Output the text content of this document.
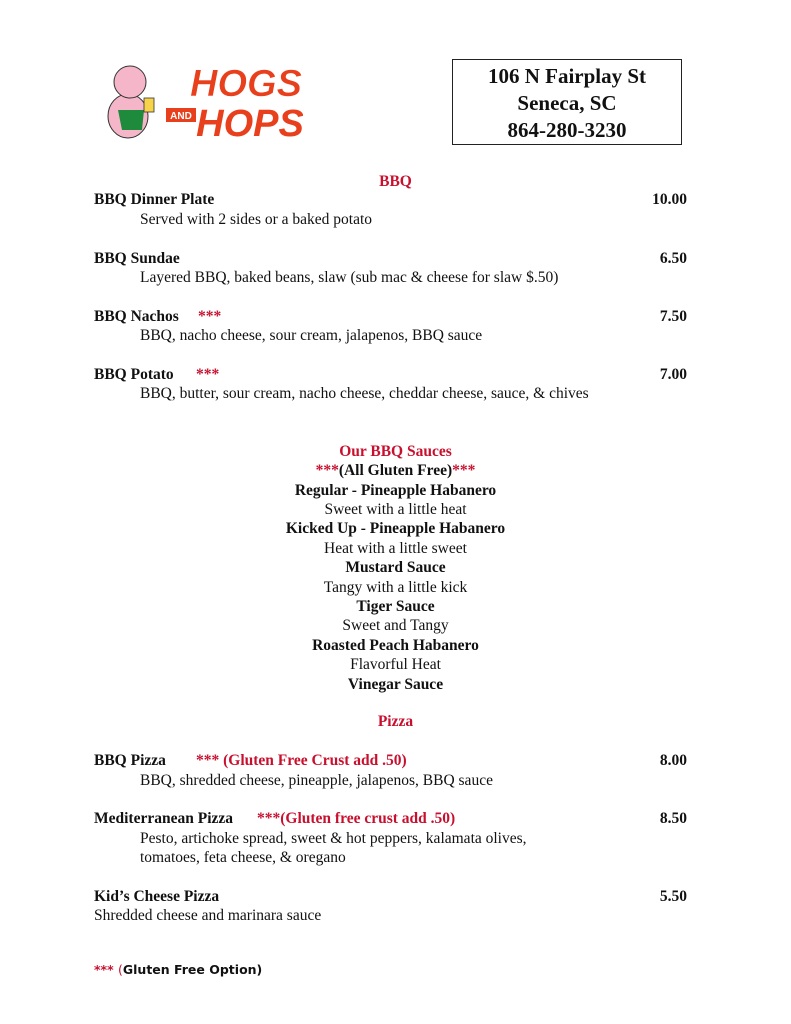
HOGS
AND HOPS
106 N Fairplay St
Seneca, SC
864-280-3230
BBQ
BBQ Dinner Plate	10.00
Served with 2 sides or a baked potato
BBQ Sundae	6.50
Layered BBQ, baked beans, slaw (sub mac & cheese for slaw $.50)
BBQ Nachos ***	7.50
BBQ, nacho cheese, sour cream, jalapenos, BBQ sauce
BBQ Potato ***	7.00
BBQ, butter, sour cream, nacho cheese, cheddar cheese, sauce, & chives
Our BBQ Sauces
***(All Gluten Free)***
Regular - Pineapple Habanero
Sweet with a little heat
Kicked Up - Pineapple Habanero
Heat with a little sweet
Mustard Sauce
Tangy with a little kick
Tiger Sauce
Sweet and Tangy
Roasted Peach Habanero
Flavorful Heat
Vinegar Sauce
Pizza
BBQ Pizza *** (Gluten Free Crust add .50)	8.00
BBQ, shredded cheese, pineapple, jalapenos, BBQ sauce
Mediterranean Pizza ***(Gluten free crust add .50)	8.50
Pesto, artichoke spread, sweet & hot peppers, kalamata olives,
tomatoes, feta cheese, & oregano
Kid’s Cheese Pizza	5.50
Shredded cheese and marinara sauce
*** (Gluten Free Option)
